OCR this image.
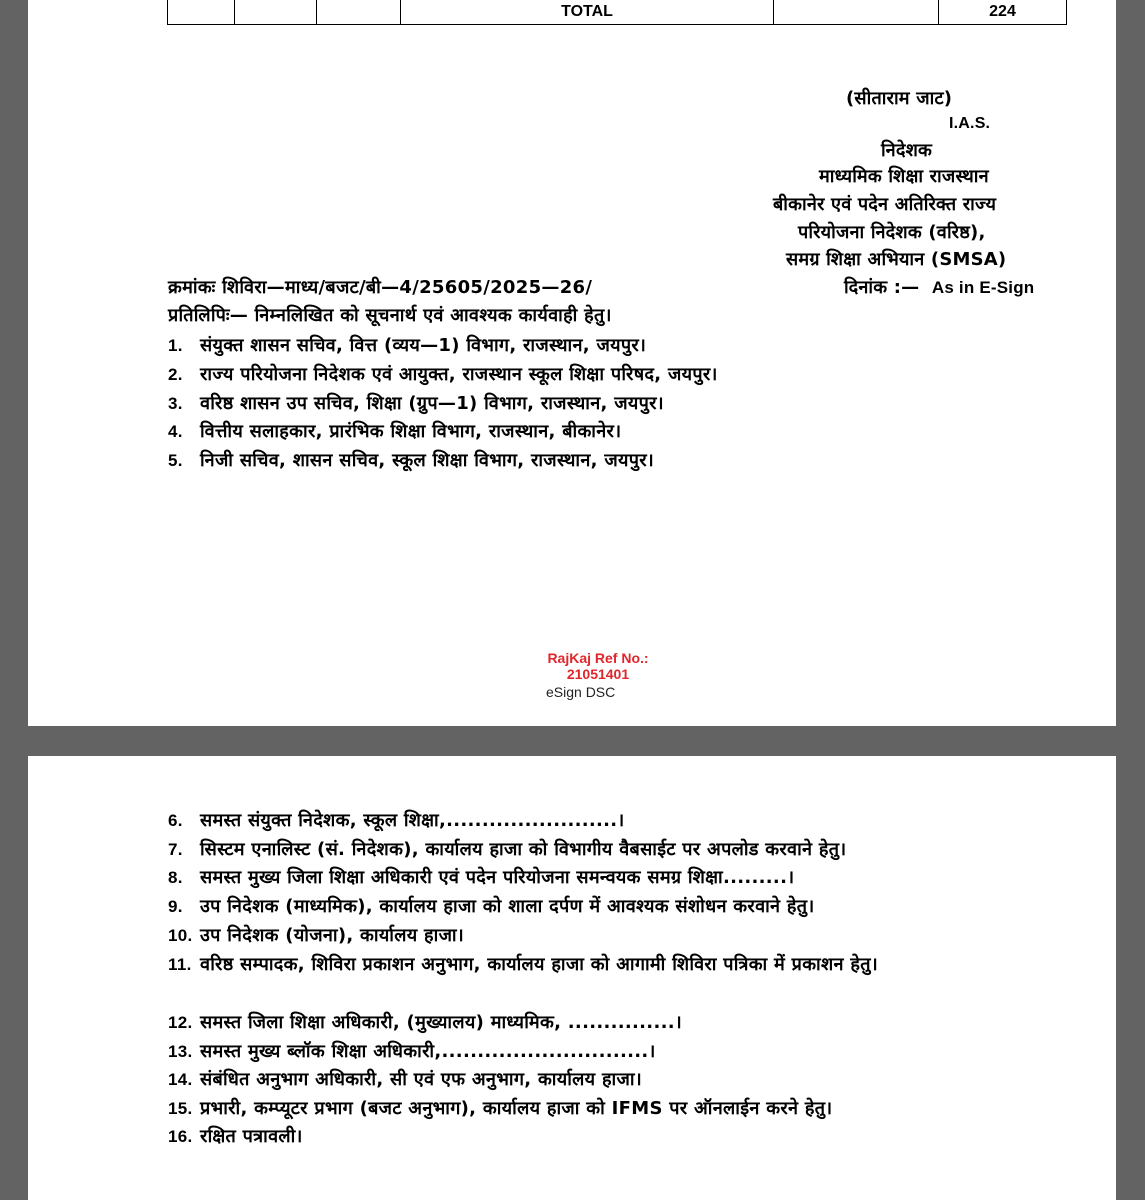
			TOTAL		224
(सीताराम जाट)
I.A.S.
निदेशक
माध्यमिक शिक्षा राजस्थान
बीकानेर एवं पदेन अतिरिक्त राज्य
परियोजना निदेशक (वरिष्ठ),
समग्र शिक्षा अभियान (SMSA)
क्रमांकः शिविरा—माध्य/बजट/बी—4/25605/2025—26/	दिनांक :— As in E-Sign
प्रतिलिपिः— निम्नलिखित को सूचनार्थ एवं आवश्यक कार्यवाही हेतु।
1. संयुक्त शासन सचिव, वित्त (व्यय—1) विभाग, राजस्थान, जयपुर।
2. राज्य परियोजना निदेशक एवं आयुक्त, राजस्थान स्कूल शिक्षा परिषद, जयपुर।
3. वरिष्ठ शासन उप सचिव, शिक्षा (ग्रुप—1) विभाग, राजस्थान, जयपुर।
4. वित्तीय सलाहकार, प्रारंभिक शिक्षा विभाग, राजस्थान, बीकानेर।
5. निजी सचिव, शासन सचिव, स्कूल शिक्षा विभाग, राजस्थान, जयपुर।
RajKaj Ref No.:
21051401
eSign DSC
6. समस्त संयुक्त निदेशक, स्कूल शिक्षा,........................।
7. सिस्टम एनालिस्ट (सं. निदेशक), कार्यालय हाजा को विभागीय वैबसाईट पर अपलोड करवाने हेतु।
8. समस्त मुख्य जिला शिक्षा अधिकारी एवं पदेन परियोजना समन्वयक समग्र शिक्षा.........।
9. उप निदेशक (माध्यमिक), कार्यालय हाजा को शाला दर्पण में आवश्यक संशोधन करवाने हेतु।
10. उप निदेशक (योजना), कार्यालय हाजा।
11. वरिष्ठ सम्पादक, शिविरा प्रकाशन अनुभाग, कार्यालय हाजा को आगामी शिविरा पत्रिका में प्रकाशन हेतु।
12. समस्त जिला शिक्षा अधिकारी, (मुख्यालय) माध्यमिक, ...............।
13. समस्त मुख्य ब्लॉक शिक्षा अधिकारी,.............................।
14. संबंधित अनुभाग अधिकारी, सी एवं एफ अनुभाग, कार्यालय हाजा।
15. प्रभारी, कम्प्यूटर प्रभाग (बजट अनुभाग), कार्यालय हाजा को IFMS पर ऑनलाईन करने हेतु।
16. रक्षित पत्रावली।
